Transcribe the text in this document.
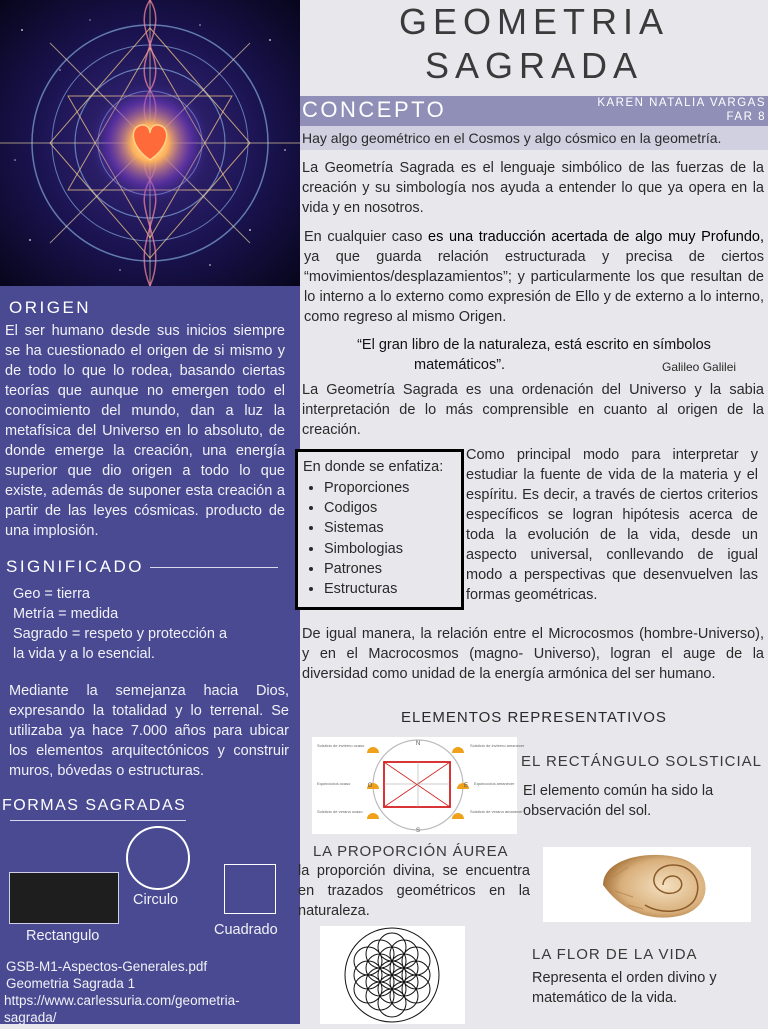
ORIGEN
El ser humano desde sus inicios siempre se ha cuestionado el origen de si mismo y de todo lo que lo rodea, basando ciertas teorías que aunque no emergen todo el conocimiento del mundo, dan a luz la metafísica del Universo en lo absoluto, de donde emerge la creación, una energía superior que dio origen a todo lo que existe, además de suponer esta creación a partir de las leyes cósmicas. producto de una implosión.
SIGNIFICADO
Geo = tierra
Metría = medida
Sagrado = respeto y protección a
la vida y a lo esencial.
Mediante la semejanza hacia Dios, expresando la totalidad y lo terrenal. Se utilizaba ya hace 7.000 años para ubicar los elementos arquitectónicos y construir muros, bóvedas o estructuras.
FORMAS SAGRADAS
Rectangulo
Circulo
Cuadrado
GSB-M1-Aspectos-Generales.pdf
Geometria Sagrada 1
https://www.carlessuria.com/geometria-
sagrada/
GEOMETRIA
SAGRADA
CONCEPTO	KAREN NATALIA VARGAS
FAR 8
Hay algo geométrico en el Cosmos y algo cósmico en la geometría.
La Geometría Sagrada es el lenguaje simbólico de las fuerzas de la creación y su simbología nos ayuda a entender lo que ya opera en la vida y en nosotros.
En cualquier caso es una traducción acertada de algo muy Profundo, ya que guarda relación estructurada y precisa de ciertos “movimientos/desplazamientos”; y particularmente los que resultan de lo interno a lo externo como expresión de Ello y de externo a lo interno, como regreso al mismo Origen.
“El gran libro de la naturaleza, está escrito en símbolos
matemáticos”.	Galileo Galilei
La Geometría Sagrada es una ordenación del Universo y la sabia interpretación de lo más comprensible en cuanto al origen de la creación.
En donde se enfatiza:
• Proporciones
• Codigos
• Sistemas
• Simbologias
• Patrones
• Estructuras
Como principal modo para interpretar y estudiar la fuente de vida de la materia y el espíritu. Es decir, a través de ciertos criterios específicos se logran hipótesis acerca de toda la evolución de la vida, desde un aspecto universal, conllevando de igual modo a perspectivas que desenvuelven las formas geométricas.
De igual manera, la relación entre el Microcosmos (hombre-Universo), y en el Macrocosmos (magno- Universo), logran el auge de la diversidad como unidad de la energía armónica del ser humano.
ELEMENTOS REPRESENTATIVOS
N
S
O	E
Solsticio de invierno ocaso	Solsticio de invierno amanecer
Equinoccios ocaso	Equinoccios amanecer
Solsticio de verano ocaso	Solsticio de verano amanecer
EL RECTÁNGULO SOLSTICIAL
El elemento común ha sido la observación del sol.
LA PROPORCIÓN ÁUREA
la proporción divina, se encuentra en trazados geométricos en la naturaleza.
LA FLOR DE LA VIDA
Representa el orden divino y matemático de la vida.
